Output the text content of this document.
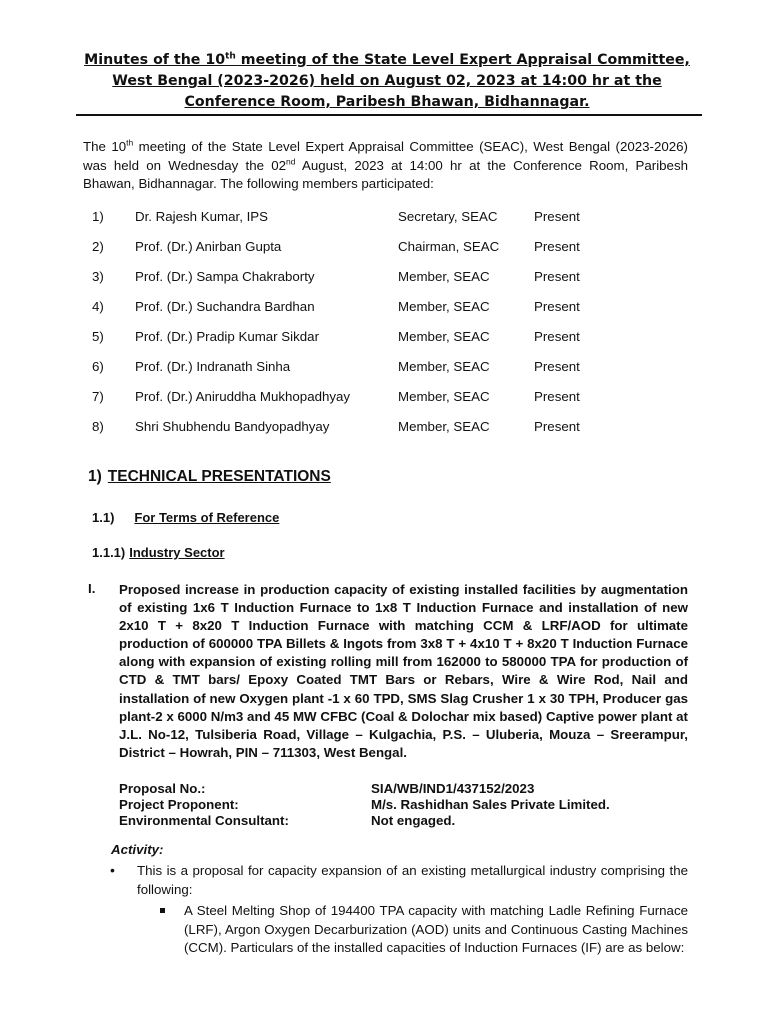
Minutes of the 10th meeting of the State Level Expert Appraisal Committee, West Bengal (2023-2026) held on August 02, 2023 at 14:00 hr at the Conference Room, Paribesh Bhawan, Bidhannagar.
The 10th meeting of the State Level Expert Appraisal Committee (SEAC), West Bengal (2023-2026) was held on Wednesday the 02nd August, 2023 at 14:00 hr at the Conference Room, Paribesh Bhawan, Bidhannagar. The following members participated:
1) Dr. Rajesh Kumar, IPS	Secretary, SEAC	Present
2) Prof. (Dr.) Anirban Gupta	Chairman, SEAC	Present
3) Prof. (Dr.) Sampa Chakraborty	Member, SEAC	Present
4) Prof. (Dr.) Suchandra Bardhan	Member, SEAC	Present
5) Prof. (Dr.) Pradip Kumar Sikdar	Member, SEAC	Present
6) Prof. (Dr.) Indranath Sinha	Member, SEAC	Present
7) Prof. (Dr.) Aniruddha Mukhopadhyay	Member, SEAC	Present
8) Shri Shubhendu Bandyopadhyay	Member, SEAC	Present
1) TECHNICAL PRESENTATIONS
1.1) For Terms of Reference
1.1.1) Industry Sector
I. Proposed increase in production capacity of existing installed facilities by augmentation of existing 1x6 T Induction Furnace to 1x8 T Induction Furnace and installation of new 2x10 T + 8x20 T Induction Furnace with matching CCM & LRF/AOD for ultimate production of 600000 TPA Billets & Ingots from 3x8 T + 4x10 T + 8x20 T Induction Furnace along with expansion of existing rolling mill from 162000 to 580000 TPA for production of CTD & TMT bars/ Epoxy Coated TMT Bars or Rebars, Wire & Wire Rod, Nail and installation of new Oxygen plant -1 x 60 TPD, SMS Slag Crusher 1 x 30 TPH, Producer gas plant-2 x 6000 N/m3 and 45 MW CFBC (Coal & Dolochar mix based) Captive power plant at J.L. No-12, Tulsiberia Road, Village – Kulgachia, P.S. – Uluberia, Mouza – Sreerampur, District – Howrah, PIN – 711303, West Bengal.
Proposal No.:	SIA/WB/IND1/437152/2023
Project Proponent:	M/s. Rashidhan Sales Private Limited.
Environmental Consultant:	Not engaged.
Activity:
• This is a proposal for capacity expansion of an existing metallurgical industry comprising the following:
A Steel Melting Shop of 194400 TPA capacity with matching Ladle Refining Furnace (LRF), Argon Oxygen Decarburization (AOD) units and Continuous Casting Machines (CCM). Particulars of the installed capacities of Induction Furnaces (IF) are as below:
